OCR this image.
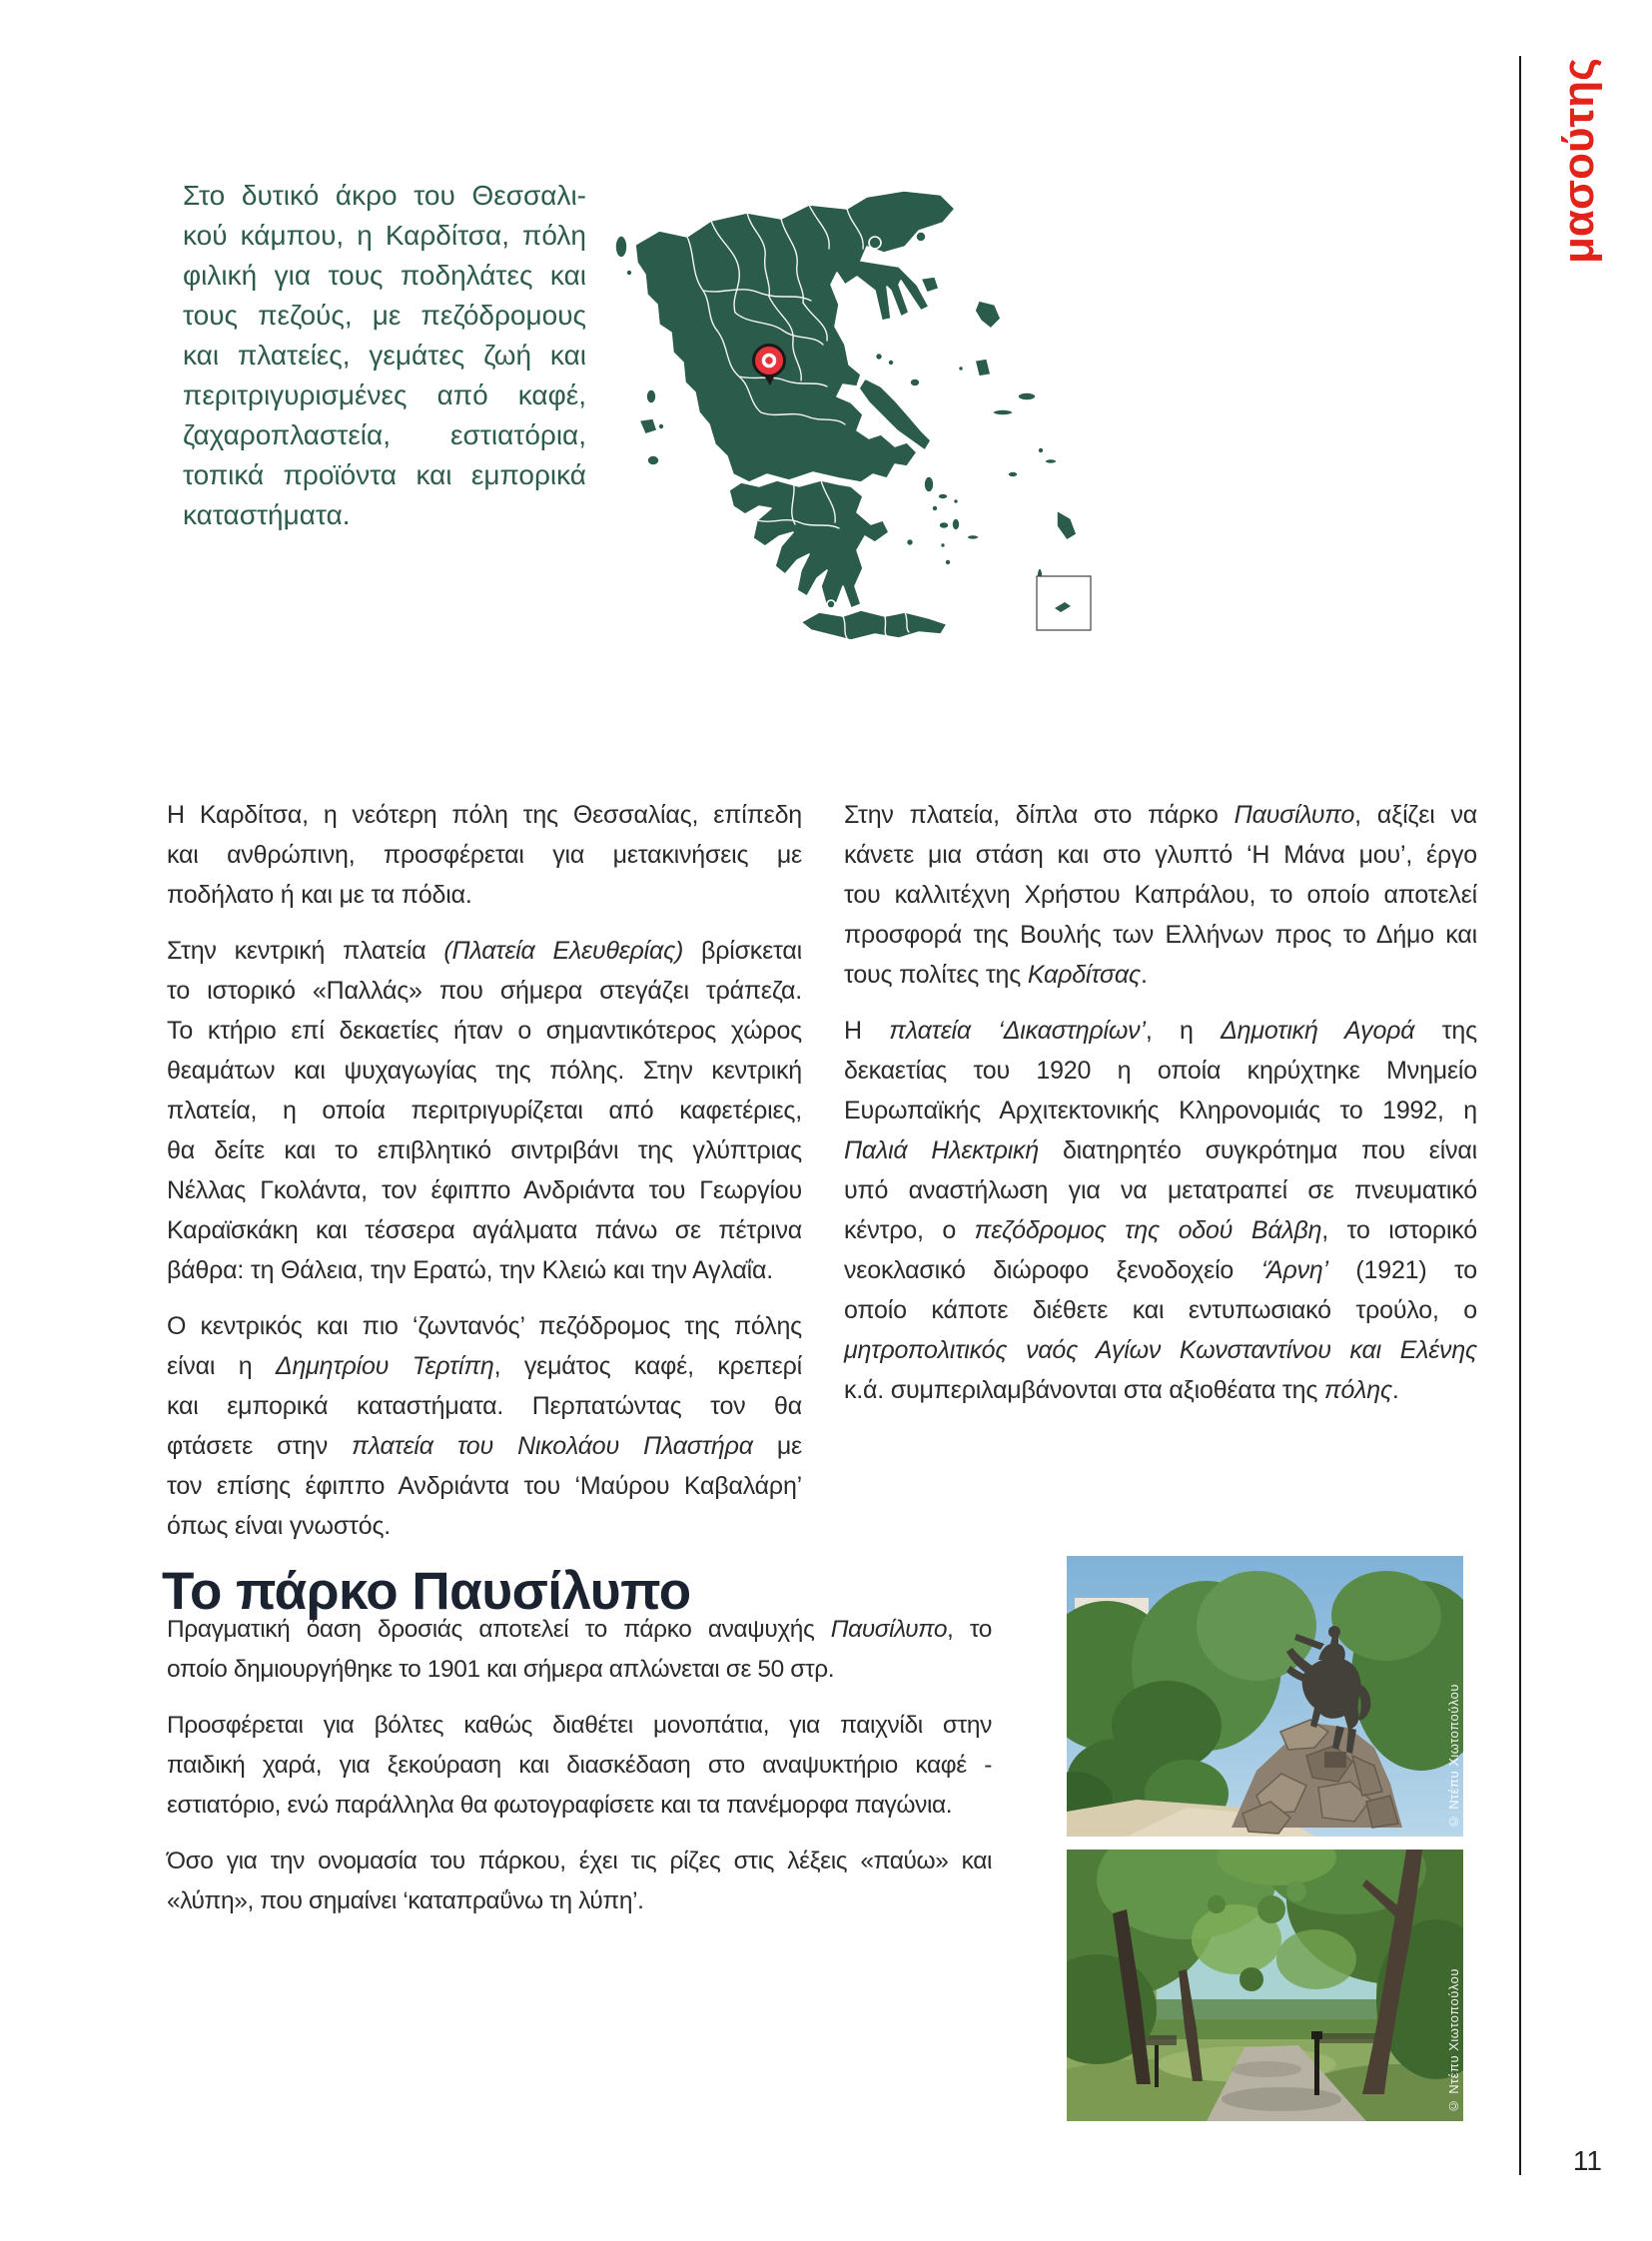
Στο δυτικό άκρο του Θεσσαλι-
κού κάμπου, η Καρδίτσα, πόλη
φιλική για τους ποδηλάτες και
τους πεζούς, με πεζόδρομους
και πλατείες, γεμάτες ζωή και
περιτριγυρισμένες από καφέ,
ζαχαροπλαστεία, εστιατόρια,
τοπικά προϊόντα και εμπορικά
καταστήματα.
Η Καρδίτσα, η νεότερη πόλη της Θεσσαλίας, επίπεδη
και ανθρώπινη, προσφέρεται για μετακινήσεις με
ποδήλατο ή και με τα πόδια.
Στην κεντρική πλατεία (Πλατεία Ελευθερίας) βρίσκεται
το ιστορικό «Παλλάς» που σήμερα στεγάζει τράπεζα.
Το κτήριο επί δεκαετίες ήταν ο σημαντικότερος χώρος
θεαμάτων και ψυχαγωγίας της πόλης. Στην κεντρική
πλατεία, η οποία περιτριγυρίζεται από καφετέριες,
θα δείτε και το επιβλητικό σιντριβάνι της γλύπτριας
Νέλλας Γκολάντα, τον έφιππο Ανδριάντα του Γεωργίου
Καραϊσκάκη και τέσσερα αγάλματα πάνω σε πέτρινα
βάθρα: τη Θάλεια, την Ερατώ, την Κλειώ και την Αγλαΐα.
Ο κεντρικός και πιο ‘ζωντανός’ πεζόδρομος της πόλης
είναι η Δημητρίου Τερτίπη, γεμάτος καφέ, κρεπερί
και εμπορικά καταστήματα. Περπατώντας τον θα
φτάσετε στην πλατεία του Νικολάου Πλαστήρα με
τον επίσης έφιππο Ανδριάντα του ‘Μαύρου Καβαλάρη’
όπως είναι γνωστός.
Στην πλατεία, δίπλα στο πάρκο Παυσίλυπο, αξίζει να
κάνετε μια στάση και στο γλυπτό ‘Η Μάνα μου’, έργο
του καλλιτέχνη Χρήστου Καπράλου, το οποίο αποτελεί
προσφορά της Βουλής των Ελλήνων προς το Δήμο και
τους πολίτες της Καρδίτσας.
Η πλατεία ‘Δικαστηρίων’, η Δημοτική Αγορά της
δεκαετίας του 1920 η οποία κηρύχτηκε Μνημείο
Ευρωπαϊκής Αρχιτεκτονικής Κληρονομιάς το 1992, η
Παλιά Ηλεκτρική διατηρητέο συγκρότημα που είναι
υπό αναστήλωση για να μετατραπεί σε πνευματικό
κέντρο, ο πεζόδρομος της οδού Βάλβη, το ιστορικό
νεοκλασικό διώροφο ξενοδοχείο ‘Άρνη’ (1921) το
οποίο κάποτε διέθετε και εντυπωσιακό τρούλο, ο
μητροπολιτικός ναός Αγίων Κωνσταντίνου και Ελένης
κ.ά. συμπεριλαμβάνονται στα αξιοθέατα της πόλης.
Το πάρκο Παυσίλυπο
Πραγματική όαση δροσιάς αποτελεί το πάρκο αναψυχής Παυσίλυπο, το
οποίο δημιουργήθηκε το 1901 και σήμερα απλώνεται σε 50 στρ.
Προσφέρεται για βόλτες καθώς διαθέτει μονοπάτια, για παιχνίδι στην
παιδική χαρά, για ξεκούραση και διασκέδαση στο αναψυκτήριο καφέ -
εστιατόριο, ενώ παράλληλα θα φωτογραφίσετε και τα πανέμορφα παγώνια.
Όσο για την ονομασία του πάρκου, έχει τις ρίζες στις λέξεις «παύω» και
«λύπη», που σημαίνει ‘καταπραΰνω τη λύπη’.
© Ντέπυ Χιωτοπούλου
© Ντέπυ Χιωτοπούλου
μασούτης
11
